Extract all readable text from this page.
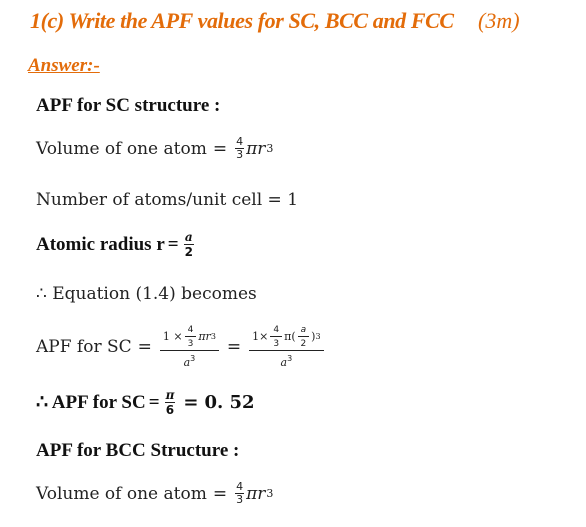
1(c) Write the APF values for SC, BCC and FCC (3m)
Answer:-
APF for SC structure :
Volume of one atom = $\frac{4}{3}$ πr 3
Number of atoms/unit cell = 1
Atomic radius $r = \frac{a}{2}$
∴ Equation (1.4) becomes
APF for SC = $\frac{1 \times \frac{4}{3} \pi r 3}{a^3}$ =
$1\times \frac{4}{3} \pi( \frac{a}{2}$ ) 3
$a^3$
∴ APF for SC = $\frac{\pi}{6} = 0$. 52
APF for BCC Structure :
Volume of one atom = $\frac{4}{3}$ πr 3
